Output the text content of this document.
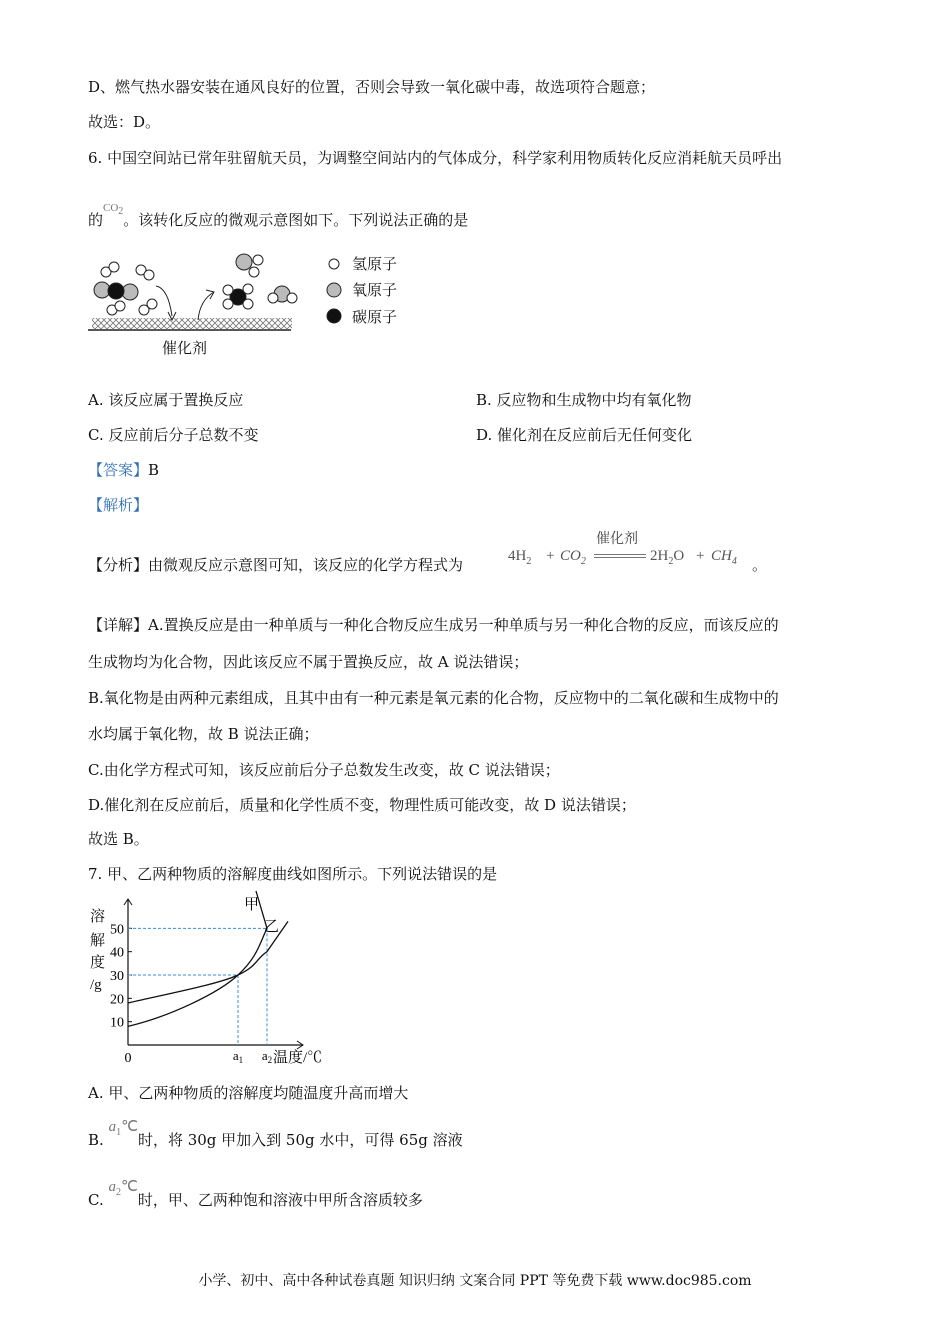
D、燃气热水器安装在通风良好的位置，否则会导致一氧化碳中毒，故选项符合题意；
故选：D。
6. 中国空间站已常年驻留航天员，为调整空间站内的气体成分，科学家利用物质转化反应消耗航天员呼出
的$^{CO_2}$。该转化反应的微观示意图如下。下列说法正确的是
氢原子
氧原子
碳原子
催化剂
A. 该反应属于置换反应	B. 反应物和生成物中均有氧化物
C. 反应前后分子总数不变	D. 催化剂在反应前后无任何变化
【答案】B
【解析】
【分析】由微观反应示意图可知，该反应的化学方程式为	$4H_2 + CO_2$
催化剂
$2H_2O + CH_4$ 。
【详解】A.置换反应是由一种单质与一种化合物反应生成另一种单质与另一种化合物的反应，而该反应的
生成物均为化合物，因此该反应不属于置换反应，故 A 说法错误；
B.氧化物是由两种元素组成，且其中由有一种元素是氧元素的化合物，反应物中的二氧化碳和生成物中的
水均属于氧化物，故 B 说法正确；
C.由化学方程式可知，该反应前后分子总数发生改变，故 C 说法错误；
D.催化剂在反应前后，质量和化学性质不变，物理性质可能改变，故 D 说法错误；
故选 B。
7. 甲、乙两种物质的溶解度曲线如图所示。下列说法错误的是
溶
解
度
/g
10
20
30
40
50
0	$a_1$ $a_2$ 温度/℃
甲
乙
A. 甲、乙两种物质的溶解度均随温度升高而增大
B. $a_1℃$时，将 30g 甲加入到 50g 水中，可得 65g 溶液
C. $a_2℃$时，甲、乙两种饱和溶液中甲所含溶质较多
小学、初中、高中各种试卷真题 知识归纳 文案合同 PPT 等免费下载 www.doc985.com
